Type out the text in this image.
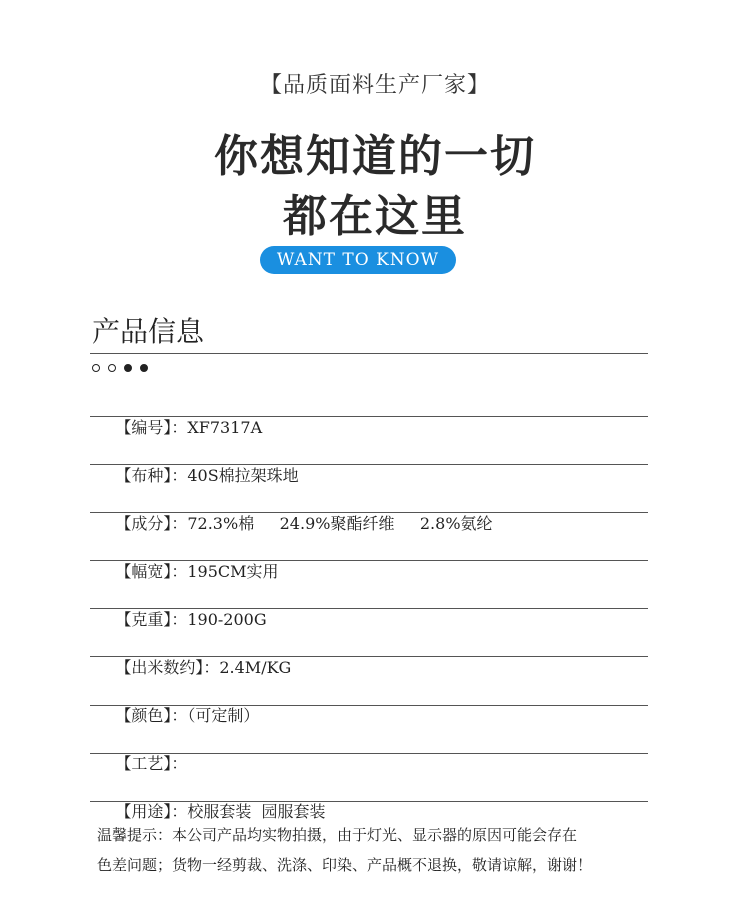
【品质面料生产厂家】
你想知道的一切
都在这里
WANT TO KNOW
产品信息

【编号】：XF7317A

【布种】：40S棉拉架珠地

【成分】：72.3%棉     24.9%聚酯纤维     2.8%氨纶

【幅宽】：195CM实用

【克重】：190-200G

【出米数约】：2.4M/KG

【颜色】：（可定制）

【工艺】：

【用途】：校服套装  园服套装

温馨提示：本公司产品均实物拍摄，由于灯光、显示器的原因可能会存在
色差问题；货物一经剪裁、洗涤、印染、产品概不退换，敬请谅解，谢谢！
